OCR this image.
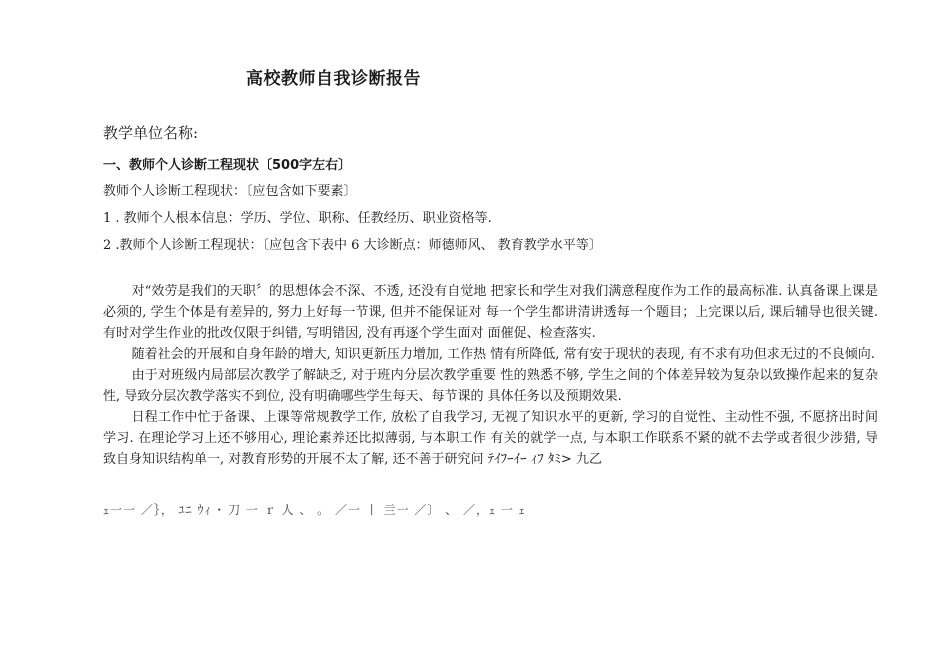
高校教师自我诊断报告
教学单位名称:
一、教师个人诊断工程现状〔500字左右〕
教师个人诊断工程现状：〔应包含如下要素〕
1 . 教师个人根本信息：学历、学位、职称、任教经历、职业资格等.
2 .教师个人诊断工程现状：〔应包含下表中 6 大诊断点：师德师风、 教育教学水平等〕

对“效劳是我们的天职〞的思想体会不深、不透, 还没有自觉地 把家长和学生对我们满意程度作为工作的最高标准. 认真备课上课是 必须的, 学生个体是有差异的, 努力上好每一节课, 但并不能保证对 每一个学生都讲清讲透每一个题目；上完课以后, 课后辅导也很关键. 有时对学生作业的批改仅限于纠错, 写明错因, 没有再逐个学生面对 面催促、检查落实.

随着社会的开展和自身年龄的增大, 知识更新压力增加, 工作热 情有所降低, 常有安于现状的表现, 有不求有功但求无过的不良倾向.

由于对班级内局部层次教学了解缺乏, 对于班内分层次教学重要 性的熟悉不够, 学生之间的个体差异较为复杂以致操作起来的复杂 性, 导致分层次教学落实不到位, 没有明确哪些学生每天、每节课的 具体任务以及预期效果.

日程工作中忙于备课、上课等常规教学工作, 放松了自我学习, 无视了知识水平的更新, 学习的自觉性、主动性不强, 不愿挤出时间 学习. 在理论学习上还不够用心, 理论素养还比拟薄弱, 与本职工作 有关的就学一点, 与本职工作联系不紧的就不去学或者很少涉猎, 导 致自身知识结构单一, 对教育形势的开展不太了解, 还不善于研究问 ﾃｲﾌｰｲｰ ｨﾌ ﾀﾐ> 九乙

ｪ一一 ／｝， ﾕﾆ ｳｨ ･ 刀 一 ｒ 人 、 。 ／一 丨 亖一 ／〕 、 ／，ｪ 一 ｪ
